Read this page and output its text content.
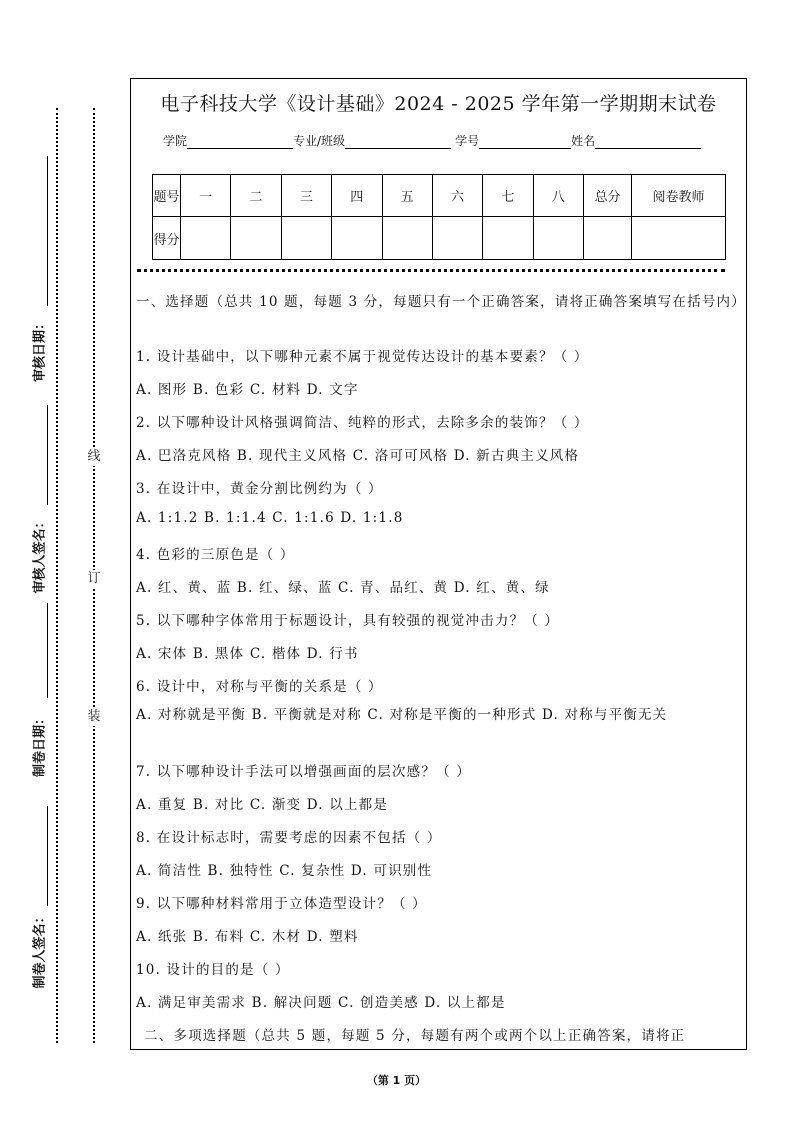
审核日期：
审核人签名：
制卷日期：
制卷人签名：
线
订
装
电子科技大学《设计基础》2024 - 2025 学年第一学期期末试卷
学院	专业/班级	学号	姓名
题号	一	二	三	四	五	六	七	八	总分	阅卷教师
得分										
一、选择题（总共 10 题，每题 3 分，每题只有一个正确答案，请将正确答案填写在括号内）
1. 设计基础中，以下哪种元素不属于视觉传达设计的基本要素？（ ）
A. 图形 B. 色彩 C. 材料 D. 文字
2. 以下哪种设计风格强调简洁、纯粹的形式，去除多余的装饰？（ ）
A. 巴洛克风格 B. 现代主义风格 C. 洛可可风格 D. 新古典主义风格
3. 在设计中，黄金分割比例约为（ ）
A. 1:1.2 B. 1:1.4 C. 1:1.6 D. 1:1.8
4. 色彩的三原色是（ ）
A. 红、黄、蓝 B. 红、绿、蓝 C. 青、品红、黄 D. 红、黄、绿
5. 以下哪种字体常用于标题设计，具有较强的视觉冲击力？（ ）
A. 宋体 B. 黑体 C. 楷体 D. 行书
6. 设计中，对称与平衡的关系是（ ）
A. 对称就是平衡 B. 平衡就是对称 C. 对称是平衡的一种形式 D. 对称与平衡无关
7. 以下哪种设计手法可以增强画面的层次感？（ ）
A. 重复 B. 对比 C. 渐变 D. 以上都是
8. 在设计标志时，需要考虑的因素不包括（ ）
A. 简洁性 B. 独特性 C. 复杂性 D. 可识别性
9. 以下哪种材料常用于立体造型设计？（ ）
A. 纸张 B. 布料 C. 木材 D. 塑料
10. 设计的目的是（ ）
A. 满足审美需求 B. 解决问题 C. 创造美感 D. 以上都是
二、多项选择题（总共 5 题，每题 5 分，每题有两个或两个以上正确答案，请将正
（第 1 页）
